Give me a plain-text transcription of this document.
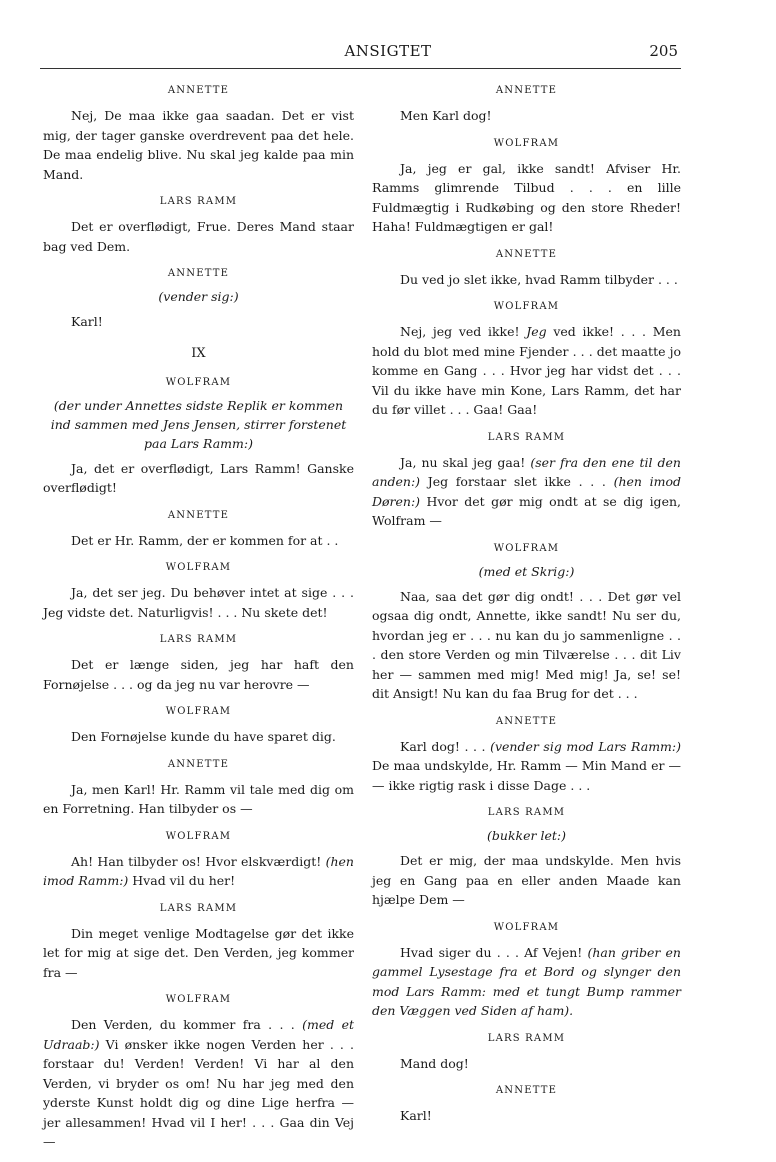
ANSIGTET	205
ANNETTE

Nej, De maa ikke gaa saadan. Det er vist mig, der tager ganske overdrevent paa det hele. De maa endelig blive. Nu skal jeg kalde paa min Mand.

LARS RAMM

Det er overflødigt, Frue. Deres Mand staar bag ved Dem.

ANNETTE
(vender sig:)

Karl!

IX
WOLFRAM
(der under Annettes sidste Replik er kommen ind sammen med Jens Jensen, stirrer forstenet paa Lars Ramm:)

Ja, det er overflødigt, Lars Ramm! Ganske overflødigt!

ANNETTE

Det er Hr. Ramm, der er kommen for at . .

WOLFRAM

Ja, det ser jeg. Du behøver intet at sige . . . Jeg vidste det. Naturligvis! . . . Nu skete det!

LARS RAMM

Det er længe siden, jeg har haft den Fornøjelse . . . og da jeg nu var herovre —

WOLFRAM

Den Fornøjelse kunde du have sparet dig.

ANNETTE

Ja, men Karl! Hr. Ramm vil tale med dig om en Forretning. Han tilbyder os —

WOLFRAM

Ah! Han tilbyder os! Hvor elskværdigt! (hen imod Ramm:) Hvad vil du her!

LARS RAMM

Din meget venlige Modtagelse gør det ikke let for mig at sige det. Den Verden, jeg kommer fra —

WOLFRAM

Den Verden, du kommer fra . . . (med et Udraab:) Vi ønsker ikke nogen Verden her . . . forstaar du! Verden! Verden! Vi har al den Verden, vi bryder os om! Nu har jeg med den yderste Kunst holdt dig og dine Lige herfra — jer allesammen! Hvad vil I her! . . . Gaa din Vej —

ANNETTE

Men Karl dog!

WOLFRAM

Ja, jeg er gal, ikke sandt! Afviser Hr. Ramms glimrende Tilbud . . . en lille Fuldmægtig i Rudkøbing og den store Rheder! Haha! Fuldmægtigen er gal!

ANNETTE

Du ved jo slet ikke, hvad Ramm tilbyder . . .

WOLFRAM

Nej, jeg ved ikke! Jeg ved ikke! . . . Men hold du blot med mine Fjender . . . det maatte jo komme en Gang . . . Hvor jeg har vidst det . . . Vil du ikke have min Kone, Lars Ramm, det har du før villet . . . Gaa! Gaa!

LARS RAMM

Ja, nu skal jeg gaa! (ser fra den ene til den anden:) Jeg forstaar slet ikke . . . (hen imod Døren:) Hvor det gør mig ondt at se dig igen, Wolfram —

WOLFRAM
(med et Skrig:)

Naa, saa det gør dig ondt! . . . Det gør vel ogsaa dig ondt, Annette, ikke sandt! Nu ser du, hvordan jeg er . . . nu kan du jo sammenligne . . . den store Verden og min Tilværelse . . . dit Liv her — sammen med mig! Med mig! Ja, se! se! dit Ansigt! Nu kan du faa Brug for det . . .

ANNETTE

Karl dog! . . . (vender sig mod Lars Ramm:) De maa undskylde, Hr. Ramm — Min Mand er — — ikke rigtig rask i disse Dage . . .

LARS RAMM
(bukker let:)

Det er mig, der maa undskylde. Men hvis jeg en Gang paa en eller anden Maade kan hjælpe Dem —

WOLFRAM

Hvad siger du . . . Af Vejen! (han griber en gammel Lysestage fra et Bord og slynger den mod Lars Ramm: med et tungt Bump rammer den Væggen ved Siden af ham).

LARS RAMM

Mand dog!

ANNETTE

Karl!
